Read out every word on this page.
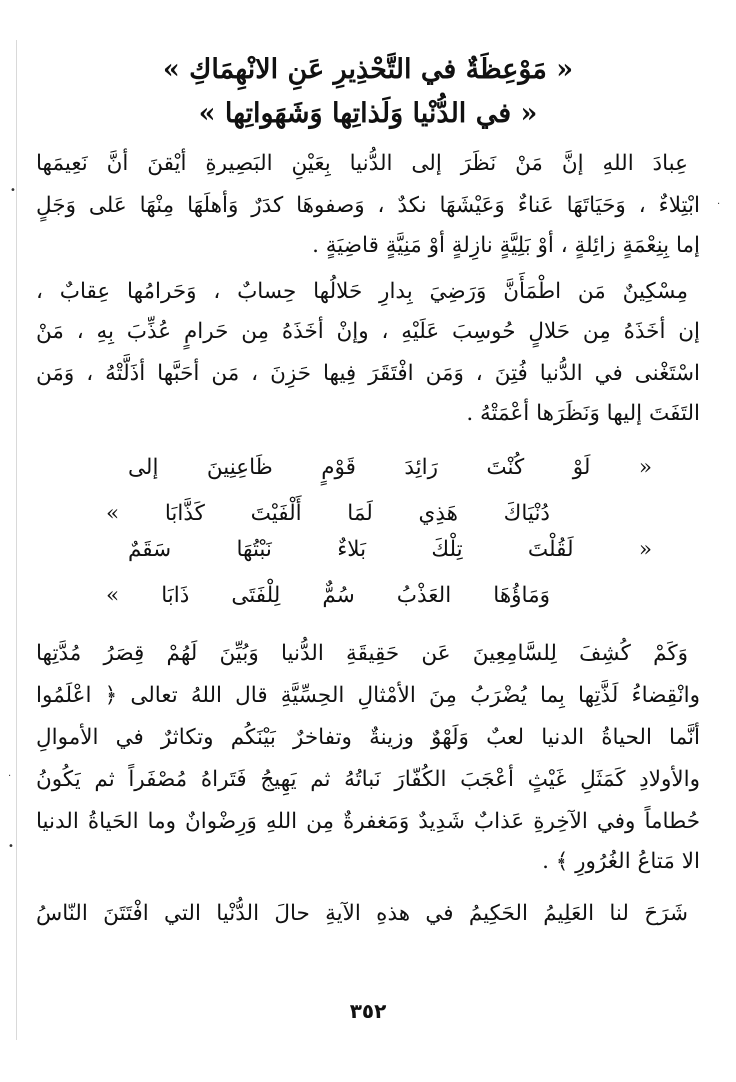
•
·
•
·
« مَوْعِظَةٌ في التَّحْذِيرِ عَنِ الانْهِمَاكِ »
« في الدُّنْيا وَلَذاتِها وَشَهَواتِها »
عِبادَ اللهِ إنَّ مَنْ نَظَرَ إلى الدُّنيا بِعَيْنِ البَصِيرةِ أيْقنَ أنَّ نَعِيمَها
ابْتِلاءٌ ، وَحَيَاتَهَا عَناءٌ وَعَيْشَهَا نكدٌ ، وَصفوهَا كدَرٌ وَأهلَهَا مِنْهَا عَلى وَجَلٍ
إما بِنِعْمَةٍ زائِلةٍ ، أوْ بَلِيَّةٍ نازِلةٍ أوْ مَنِيَّةٍ قاضِيَةٍ .
مِسْكِينٌ مَن اطْمَأَنَّ وَرَضِيَ بِدارِ حَلالُها حِسابٌ ، وَحَرامُها عِقابٌ ،
إن أخَذَهُ مِن حَلالٍ حُوسِبَ عَلَيْهِ ، وإنْ أخَذَهُ مِن حَرامٍ عُذِّبَ بِهِ ، مَنْ
اسْتَغْنى في الدُّنيا فُتِنَ ، وَمَن افْتَقَرَ فِيها حَزِنَ ، مَن أحَبَّها أذَلَّتْهُ ، وَمَن
التَفَتَ إليها وَنَظَرَها أعْمَتْهُ .
« لَوْ كُنْتَ رَائِدَ قَوْمٍ ظَاعِنِينَ إلى
دُنْيَاكَ هَذِي لَمَا أَلْفَيْتَ كَذَّابَا »
« لَقُلْتَ تِلْكَ بَلاءٌ نَبْتُهَا سَقَمٌ
وَمَاؤُهَا العَذْبُ سُمٌّ لِلْفَتَى ذَابَا »
وَكَمْ كُشِفَ لِلسَّامِعِينَ عَن حَقِيقَةِ الدُّنيا وَبُيِّنَ لَهُمْ قِصَرُ مُدَّتِها
وانْقِضاءُ لَذَّتِها بِما يُضْرَبُ مِنَ الأمْثالِ الحِسِّيَّةِ قال اللهُ تعالى ﴿ اعْلَمُوا
أنَّما الحياةُ الدنيا لعبٌ وَلَهْوٌ وزينةٌ وتفاخرٌ بَيْنَكُم وتكاثرٌ في الأموالِ
والأولادِ كَمَثَلِ غَيْثٍ أعْجَبَ الكُفّارَ نَباتُهُ ثم يَهِيجُ فَتَراهُ مُصْفَراً ثم يَكُونُ
حُطاماً وفي الآخِرةِ عَذابٌ شَدِيدٌ وَمَغفرةٌ مِن اللهِ وَرِضْوانٌ وما الحَياةُ الدنيا
الا مَتاعُ الغُرُورِ ﴾ .
شَرَحَ لنا العَلِيمُ الحَكِيمُ في هذهِ الآيةِ حالَ الدُّنْيا التي افْتَتَنَ النّاسُ
٣٥٢
